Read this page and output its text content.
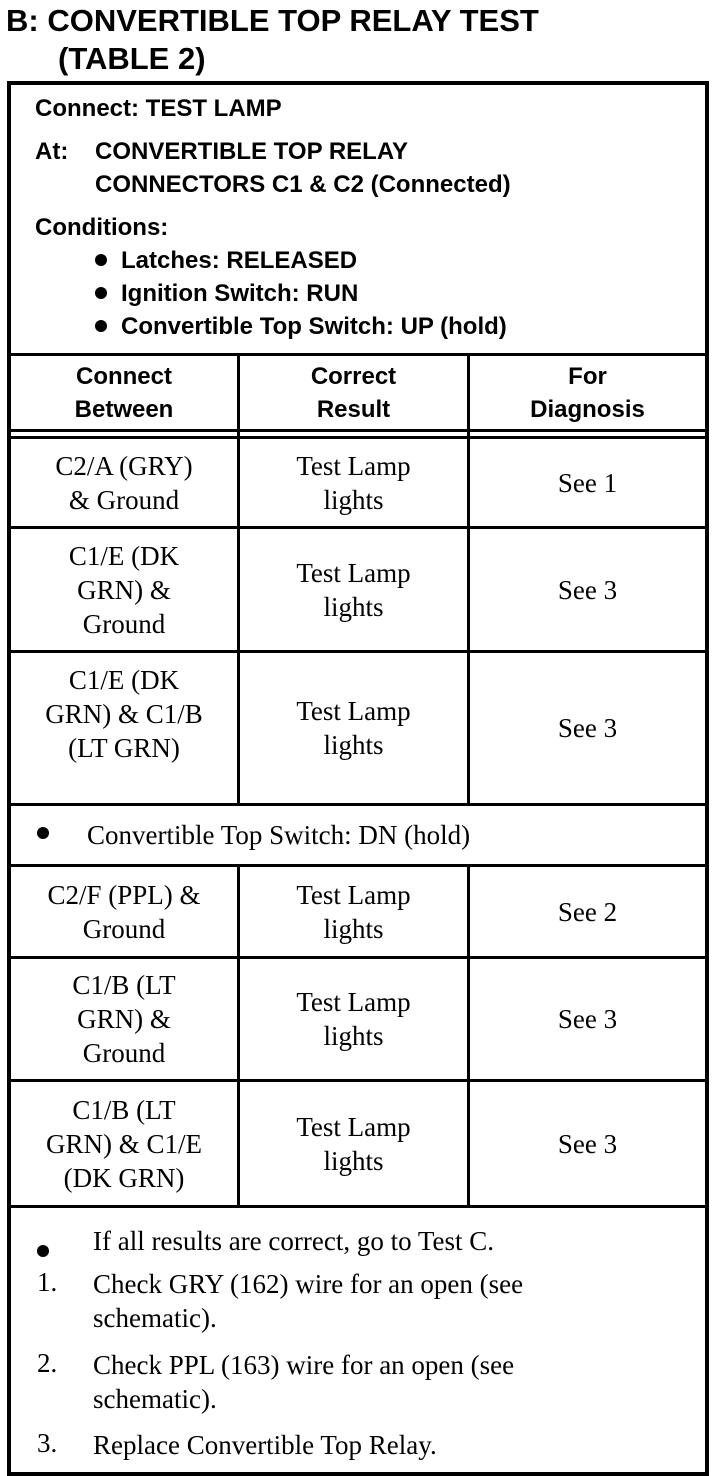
B: CONVERTIBLE TOP RELAY TEST
(TABLE 2)
Connect: TEST LAMP
At: CONVERTIBLE TOP RELAY
CONNECTORS C1 & C2 (Connected)
Conditions:
Latches: RELEASED
Ignition Switch: RUN
Convertible Top Switch: UP (hold)
Connect
Between
Correct
Result
For
Diagnosis
C2/A (GRY)
& Ground
Test Lamp
lights
See 1
C1/E (DK
GRN) &
Ground
Test Lamp
lights
See 3
C1/E (DK
GRN) & C1/B
(LT GRN)
Test Lamp
lights
See 3
Convertible Top Switch: DN (hold)
C2/F (PPL) &
Ground
Test Lamp
lights
See 2
C1/B (LT
GRN) &
Ground
Test Lamp
lights
See 3
C1/B (LT
GRN) & C1/E
(DK GRN)
Test Lamp
lights
See 3
If all results are correct, go to Test C.
1. Check GRY (162) wire for an open (see
schematic).
2. Check PPL (163) wire for an open (see
schematic).
3. Replace Convertible Top Relay.
